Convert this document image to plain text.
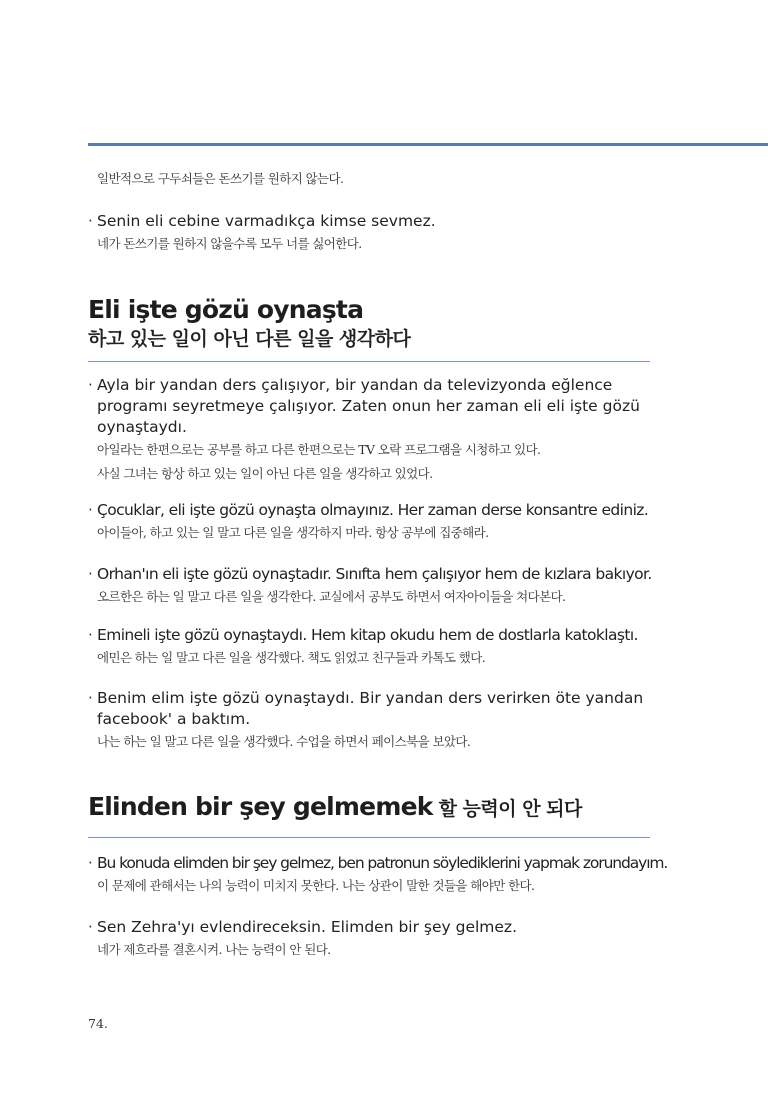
일반적으로 구두쇠들은 돈쓰기를 원하지 않는다.
· Senin eli cebine varmadıkça kimse sevmez.
네가 돈쓰기를 원하지 않을수록 모두 너를 싫어한다.
Eli işte gözü oynaşta
하고 있는 일이 아닌 다른 일을 생각하다
· Ayla bir yandan ders çalışıyor, bir yandan da televizyonda eğlence programı seyretmeye çalışıyor. Zaten onun her zaman eli eli işte gözü oynaştaydı.
아일라는 한편으로는 공부를 하고 다른 한편으로는 TV 오락 프로그램을 시청하고 있다.
사실 그녀는 항상 하고 있는 일이 아닌 다른 일을 생각하고 있었다.
· Çocuklar, eli işte gözü oynaşta olmayınız. Her zaman derse konsantre ediniz.
아이들아, 하고 있는 일 말고 다른 일을 생각하지 마라. 항상 공부에 집중해라.
· Orhan'ın eli işte gözü oynaştadır. Sınıfta hem çalışıyor hem de kızlara bakıyor.
오르한은 하는 일 말고 다른 일을 생각한다. 교실에서 공부도 하면서 여자아이들을 쳐다본다.
· Emineli işte gözü oynaştaydı. Hem kitap okudu hem de dostlarla katoklaştı.
에민은 하는 일 말고 다른 일을 생각했다. 책도 읽었고 친구들과 카톡도 했다.
· Benim elim işte gözü oynaştaydı. Bir yandan ders verirken öte yandan facebook' a baktım.
나는 하는 일 말고 다른 일을 생각했다. 수업을 하면서 페이스북을 보았다.
Elinden bir şey gelmemek 할 능력이 안 되다
· Bu konuda elimden bir şey gelmez, ben patronun söylediklerini yapmak zorundayım.
이 문제에 관해서는 나의 능력이 미치지 못한다. 나는 상관이 말한 것들을 해야만 한다.
· Sen Zehra'yı evlendireceksin. Elimden bir şey gelmez.
네가 제흐라를 결혼시켜. 나는 능력이 안 된다.
74.
